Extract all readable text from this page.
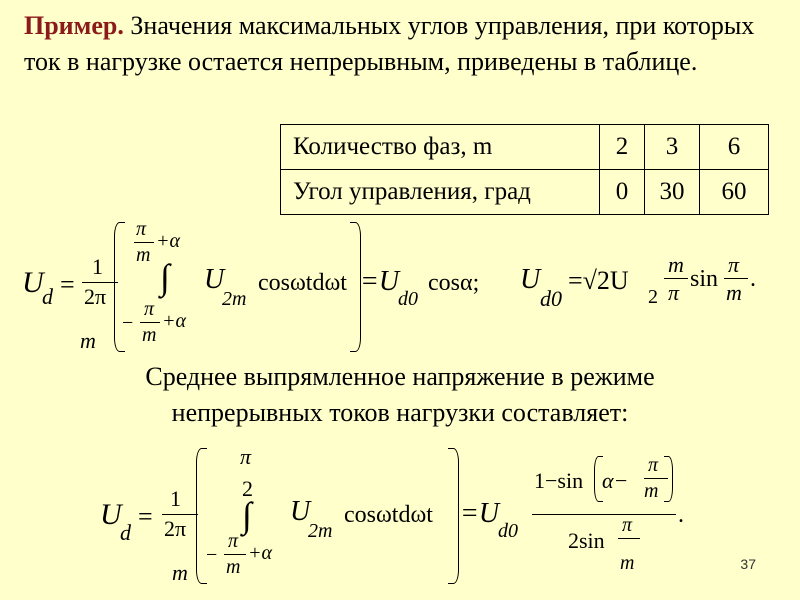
Пример. Значения максимальных углов управления, при которых ток в нагрузке остается непрерывным, приведены в таблице.

Количество фаз, m	2	3	6
Угол управления, град	0	30	60
U
d =
1
2π
m
π
m
+α
∫
−
π
m
+α
U
2m
cosωtdωt =U
d0
cosα; U
d0
=√2U
2
m
π
sin
π
m
.

Среднее выпрямленное напряжение в режиме

непрерывных токов нагрузки составляет:

U
d
=
1
2π
m
π
2
∫
−
π
m
+α
U
2m
cosωtdωt =U
d0
1−sin α−
π
m
2sin
π
m
.
37
